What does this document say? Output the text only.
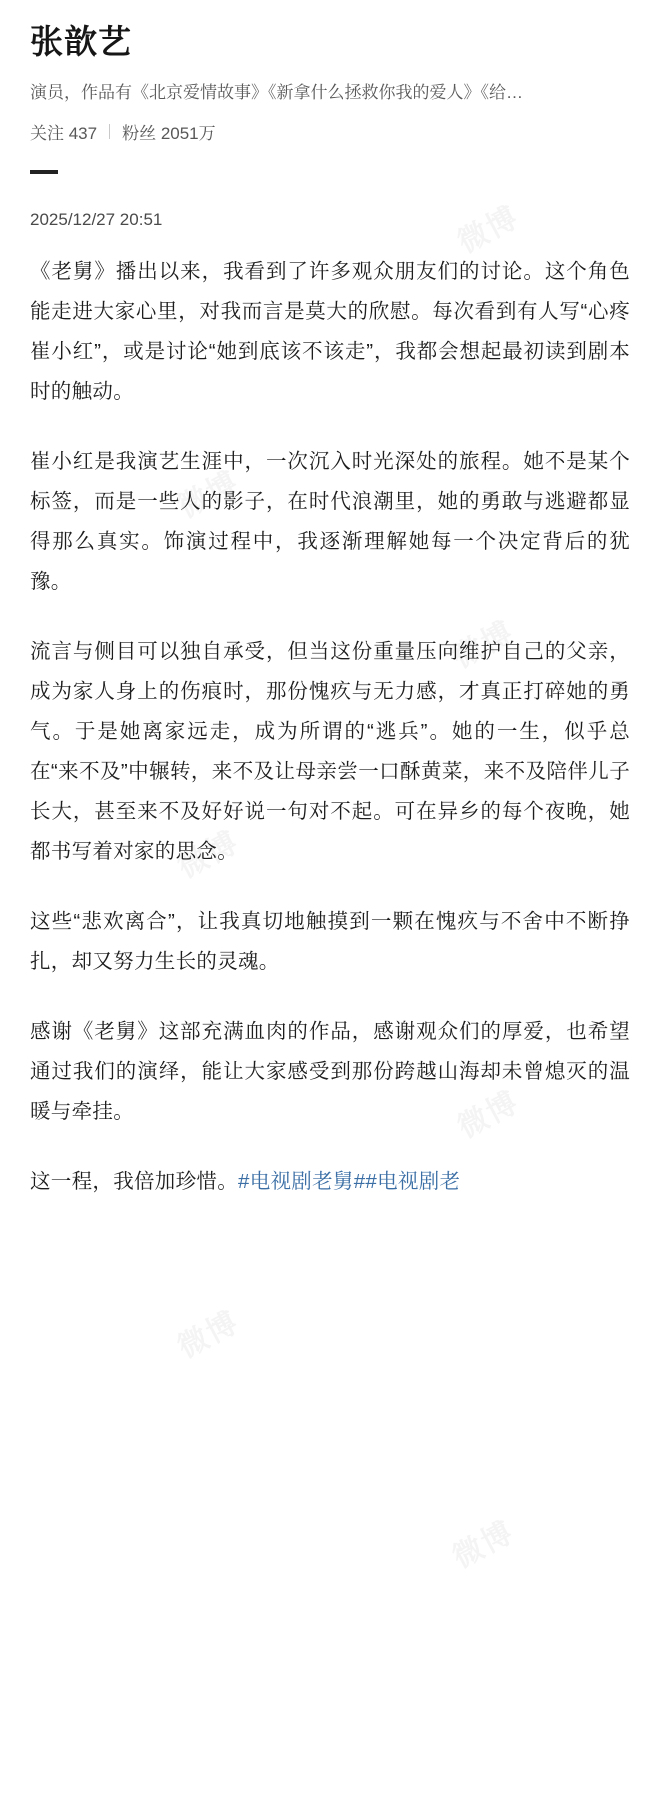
张歆艺
演员，作品有《北京爱情故事》《新拿什么拯救你我的爱人》《给…
关注 437 粉丝 2051万
2025/12/27 20:51

《老舅》播出以来，我看到了许多观众朋友们的讨论。这个角色能走进大家心里，对我而言是莫大的欣慰。每次看到有人写“心疼崔小红”，或是讨论“她到底该不该走”，我都会想起最初读到剧本时的触动。

崔小红是我演艺生涯中，一次沉入时光深处的旅程。她不是某个标签，而是一些人的影子，在时代浪潮里，她的勇敢与逃避都显得那么真实。饰演过程中，我逐渐理解她每一个决定背后的犹豫。

流言与侧目可以独自承受，但当这份重量压向维护自己的父亲，成为家人身上的伤痕时，那份愧疚与无力感，才真正打碎她的勇气。于是她离家远走，成为所谓的“逃兵”。她的一生，似乎总在“来不及”中辗转，来不及让母亲尝一口酥黄菜，来不及陪伴儿子长大，甚至来不及好好说一句对不起。可在异乡的每个夜晚，她都书写着对家的思念。

这些“悲欢离合”，让我真切地触摸到一颗在愧疚与不舍中不断挣扎，却又努力生长的灵魂。

感谢《老舅》这部充满血肉的作品，感谢观众们的厚爱，也希望通过我们的演绎，能让大家感受到那份跨越山海却未曾熄灭的温暖与牵挂。

这一程，我倍加珍惜。#电视剧老舅##电视剧老
